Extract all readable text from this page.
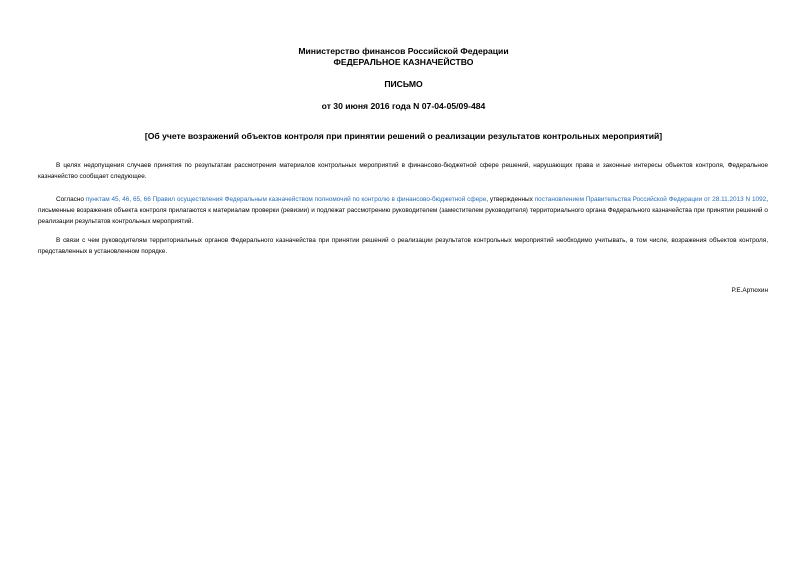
Министерство финансов Российской Федерации
ФЕДЕРАЛЬНОЕ КАЗНАЧЕЙСТВО
ПИСЬМО
от 30 июня 2016 года N 07-04-05/09-484
[Об учете возражений объектов контроля при принятии решений о реализации результатов контрольных мероприятий]

В целях недопущения случаев принятия по результатам рассмотрения материалов контрольных мероприятий в финансово-бюджетной сфере решений, нарушающих права и законные интересы объектов контроля, Федеральное казначейство сообщает следующее.

Согласно пунктам 45, 46, 65, 66 Правил осуществления Федеральным казначейством полномочий по контролю в финансово-бюджетной сфере, утвержденных постановлением Правительства Российской Федерации от 28.11.2013 N 1092, письменные возражения объекта контроля прилагаются к материалам проверки (ревизии) и подлежат рассмотрению руководителем (заместителем руководителя) территориального органа Федерального казначейства при принятии решений о реализации результатов контрольных мероприятий.

В связи с чем руководителям территориальных органов Федерального казначейства при принятии решений о реализации результатов контрольных мероприятий необходимо учитывать, в том числе, возражения объектов контроля, представленных в установленном порядке.

Р.Е.Артюхин
